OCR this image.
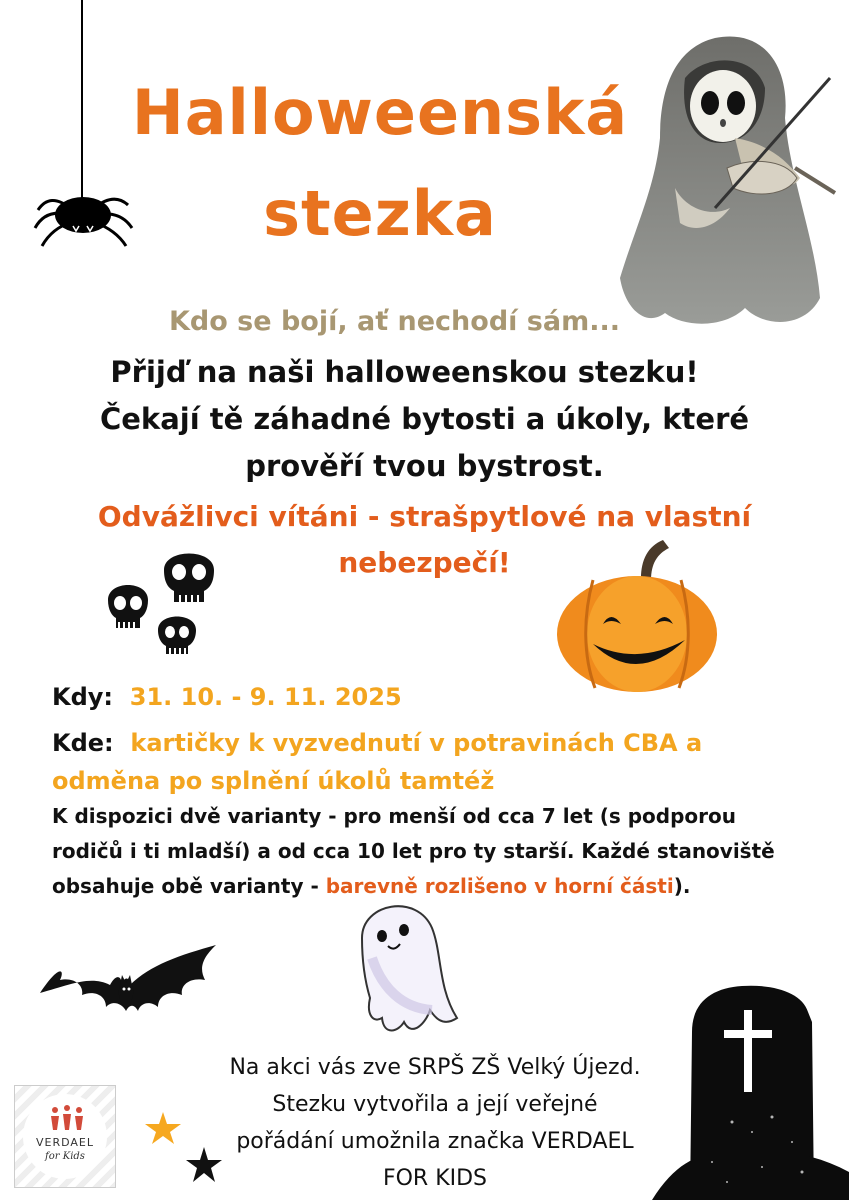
Halloweenská
stezka
Kdo se bojí, ať nechodí sám...
Přijď na naši halloweenskou stezku!
Čekají tě záhadné bytosti a úkoly, které
prověří tvou bystrost.
Odvážlivci vítáni - strašpytlové na vlastní
nebezpečí!
Kdy: 31. 10. - 9. 11. 2025
Kde: kartičky k vyzvednutí v potravinách CBA a
odměna po splnění úkolů tamtéž
K dispozici dvě varianty - pro menší od cca 7 let (s podporou
rodičů i ti mladší) a od cca 10 let pro ty starší. Každé stanoviště
obsahuje obě varianty - barevně rozlišeno v horní části).
Na akci vás zve SRPŠ ZŠ Velký Újezd.
Stezku vytvořila a její veřejné
pořádání umožnila značka VERDAEL
FOR KIDS
VERDAEL
for Kids
